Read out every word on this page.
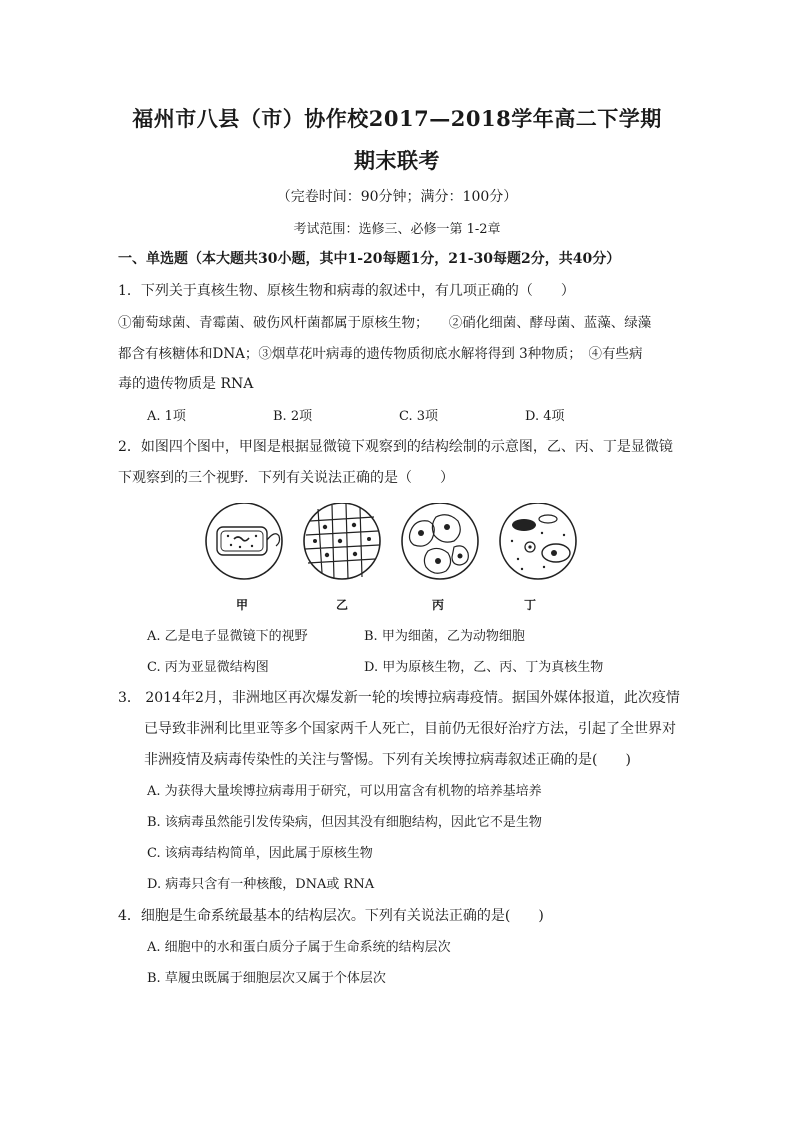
福州市八县（市）协作校2017—2018学年高二下学期
期末联考
（完卷时间：90分钟；满分：100分）
考试范围：选修三、必修一第 1-2章
一、单选题（本大题共30小题，其中1-20每题1分，21-30每题2分，共40分）
1．下列关于真核生物、原核生物和病毒的叙述中，有几项正确的（　　）
①葡萄球菌、青霉菌、破伤风杆菌都属于原核生物；　　②硝化细菌、酵母菌、蓝藻、绿藻
都含有核糖体和DNA；③烟草花叶病毒的遗传物质彻底水解将得到 3种物质；　④有些病
毒的遗传物质是 RNA
A. 1项	B. 2项	C. 3项	D. 4项
2．如图四个图中，甲图是根据显微镜下观察到的结构绘制的示意图，乙、丙、丁是显微镜
下观察到的三个视野．下列有关说法正确的是（　　）
甲	乙	丙	丁
A. 乙是电子显微镜下的视野	B. 甲为细菌，乙为动物细胞
C. 丙为亚显微结构图	D. 甲为原核生物，乙、丙、丁为真核生物
3． 2014年2月，非洲地区再次爆发新一轮的埃博拉病毒疫情。据国外媒体报道，此次疫情
已导致非洲利比里亚等多个国家两千人死亡，目前仍无很好治疗方法，引起了全世界对
非洲疫情及病毒传染性的关注与警惕。下列有关埃博拉病毒叙述正确的是(　　)
A. 为获得大量埃博拉病毒用于研究，可以用富含有机物的培养基培养
B. 该病毒虽然能引发传染病，但因其没有细胞结构，因此它不是生物
C. 该病毒结构简单，因此属于原核生物
D. 病毒只含有一种核酸，DNA或 RNA
4．细胞是生命系统最基本的结构层次。下列有关说法正确的是(　　)
A. 细胞中的水和蛋白质分子属于生命系统的结构层次
B. 草履虫既属于细胞层次又属于个体层次
